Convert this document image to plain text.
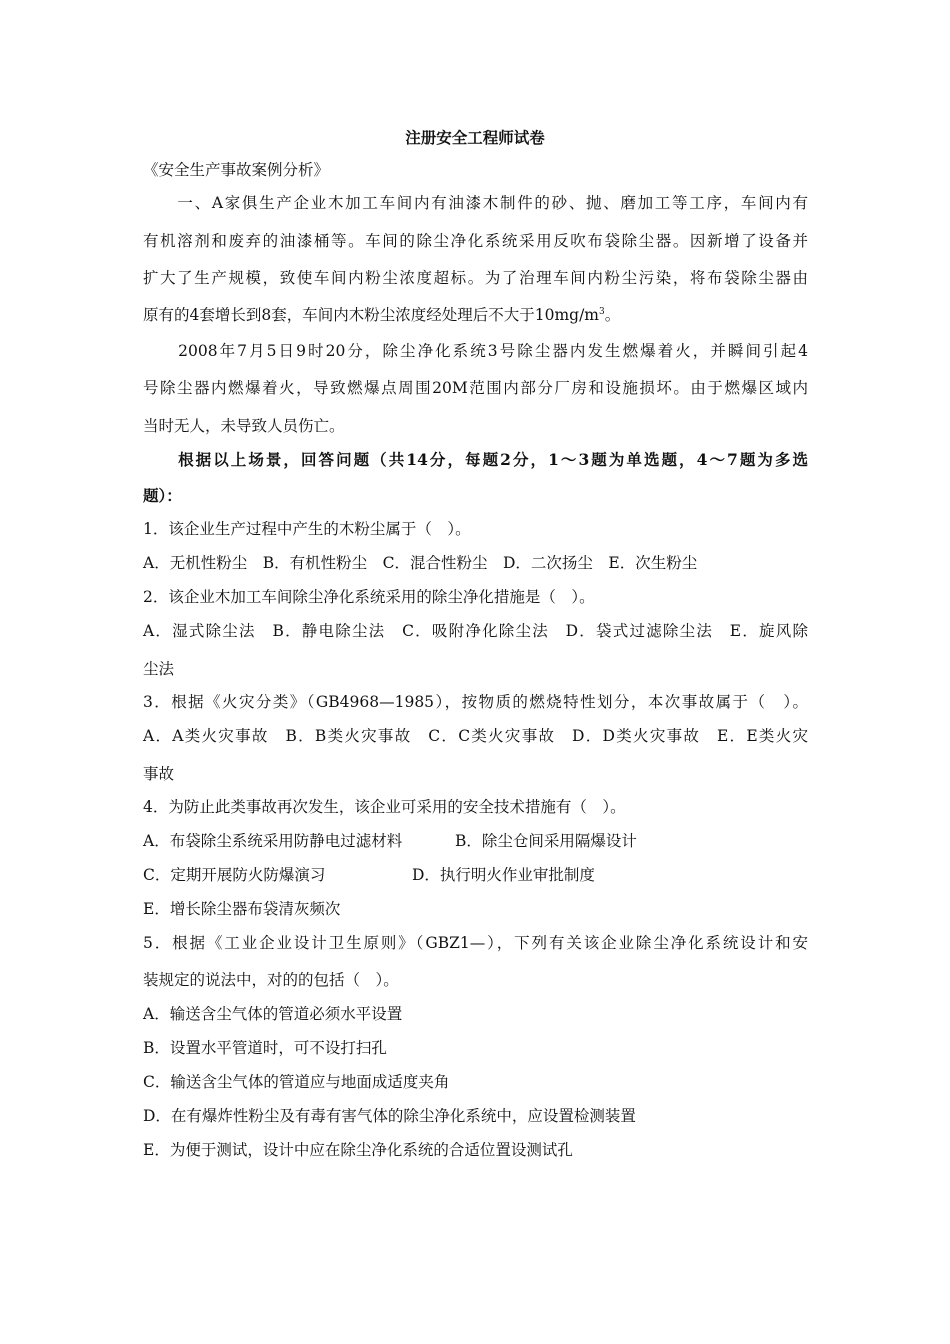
注册安全工程师试卷
《安全生产事故案例分析》
　　一、A家俱生产企业木加工车间内有油漆木制件的砂、抛、磨加工等工序，车间内有
有机溶剂和废弃的油漆桶等。车间的除尘净化系统采用反吹布袋除尘器。因新增了设备并
扩大了生产规模，致使车间内粉尘浓度超标。为了治理车间内粉尘污染，将布袋除尘器由
原有的4套增长到8套，车间内木粉尘浓度经处理后不大于$10mg/m^3$。
　　2008年7月5日9时20分，除尘净化系统3号除尘器内发生燃爆着火，并瞬间引起4
号除尘器内燃爆着火，导致燃爆点周围20M范围内部分厂房和设施损坏。由于燃爆区域内
当时无人，未导致人员伤亡。
　　根据以上场景，回答问题（共14分，每题2分，1～3题为单选题，4～7题为多选
题）：
1．该企业生产过程中产生的木粉尘属于（　）。
A．无机性粉尘　B．有机性粉尘　C．混合性粉尘　D．二次扬尘　E．次生粉尘
2．该企业木加工车间除尘净化系统采用的除尘净化措施是（　）。
A．湿式除尘法　B．静电除尘法　C．吸附净化除尘法　D．袋式过滤除尘法　E．旋风除
尘法
3．根据《火灾分类》（GB4968—1985），按物质的燃烧特性划分，本次事故属于（　）。
A．A类火灾事故　B．B类火灾事故　C．C类火灾事故　D．D类火灾事故　E．E类火灾
事故
4．为防止此类事故再次发生，该企业可采用的安全技术措施有（　）。
A．布袋除尘系统采用防静电过滤材料	B．除尘仓间采用隔爆设计
C．定期开展防火防爆演习	D．执行明火作业审批制度
E．增长除尘器布袋清灰频次
5．根据《工业企业设计卫生原则》（GBZ1—），下列有关该企业除尘净化系统设计和安
装规定的说法中，对的的包括（　）。
A．输送含尘气体的管道必须水平设置
B．设置水平管道时，可不设打扫孔
C．输送含尘气体的管道应与地面成适度夹角
D．在有爆炸性粉尘及有毒有害气体的除尘净化系统中，应设置检测装置
E．为便于测试，设计中应在除尘净化系统的合适位置设测试孔
